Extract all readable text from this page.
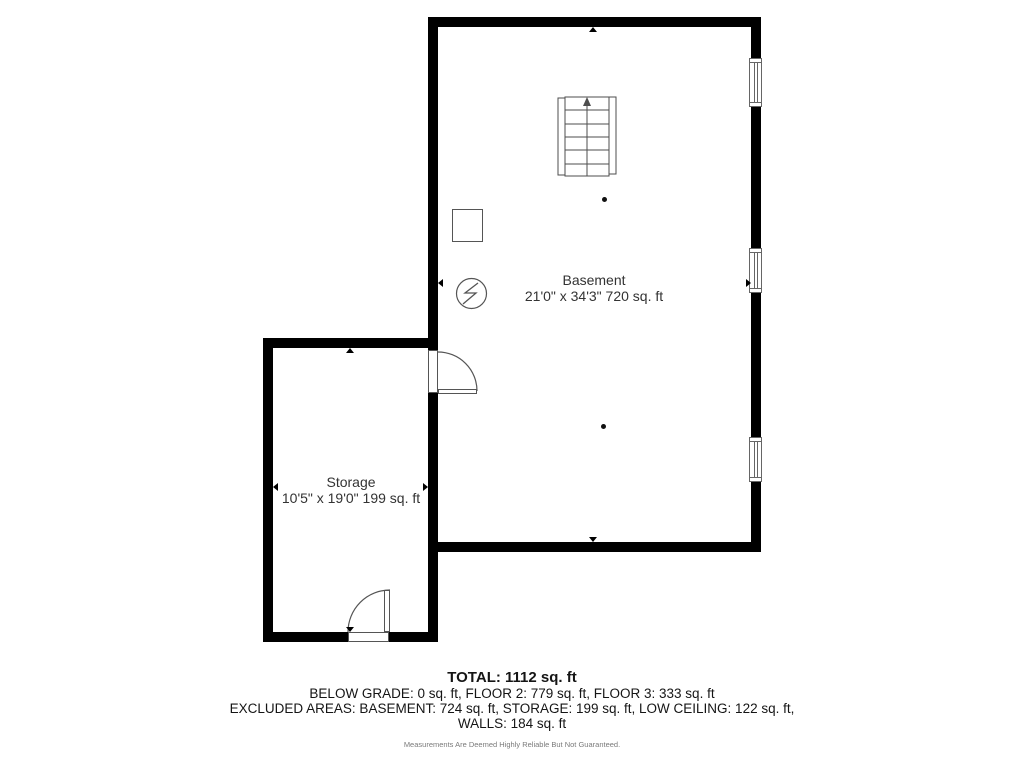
Basement
21'0" x 34'3" 720 sq. ft
Storage
10'5" x 19'0" 199 sq. ft
TOTAL: 1112 sq. ft
BELOW GRADE: 0 sq. ft, FLOOR 2: 779 sq. ft, FLOOR 3: 333 sq. ft
EXCLUDED AREAS: BASEMENT: 724 sq. ft, STORAGE: 199 sq. ft, LOW CEILING: 122 sq. ft,
WALLS: 184 sq. ft
Measurements Are Deemed Highly Reliable But Not Guaranteed.
